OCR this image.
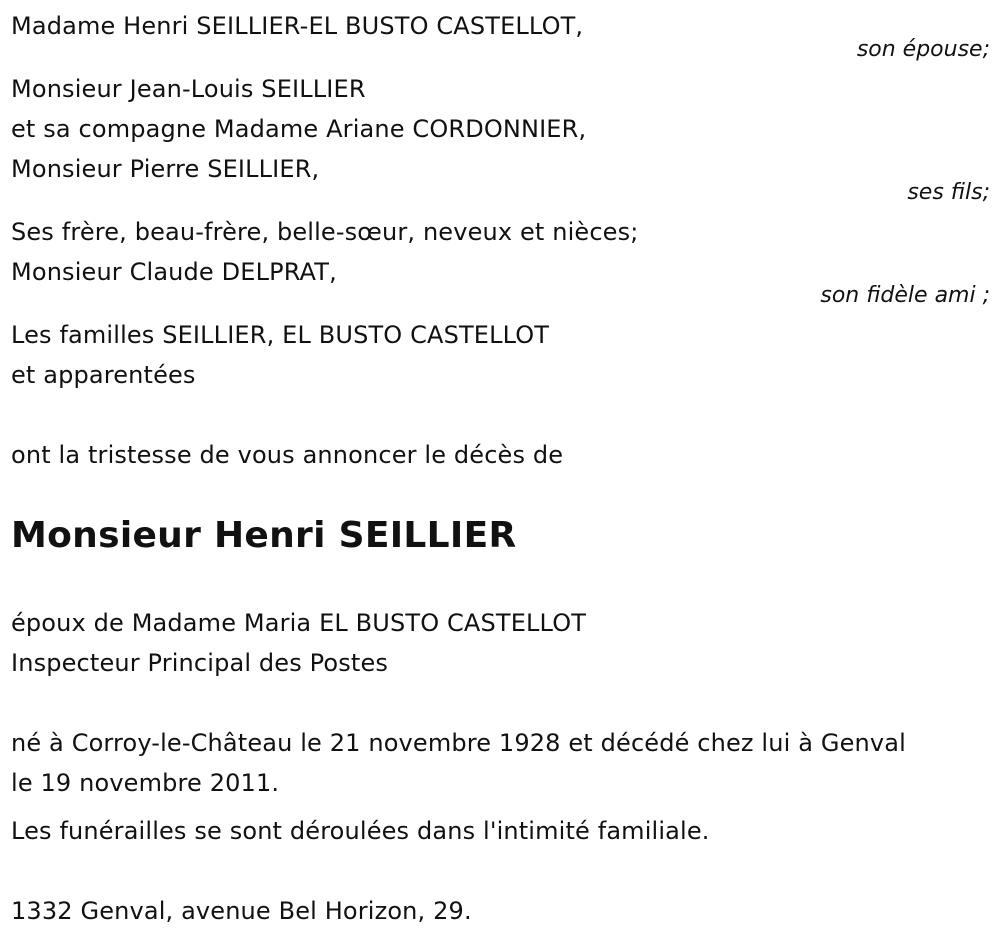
Madame Henri SEILLIER-EL BUSTO CASTELLOT,
son épouse;
Monsieur Jean-Louis SEILLIER
et sa compagne Madame Ariane CORDONNIER,
Monsieur Pierre SEILLIER,
ses fils;
Ses frère, beau-frère, belle-sœur, neveux et nièces;
Monsieur Claude DELPRAT,
son fidèle ami ;
Les familles SEILLIER, EL BUSTO CASTELLOT
et apparentées
ont la tristesse de vous annoncer le décès de
Monsieur Henri SEILLIER
époux de Madame Maria EL BUSTO CASTELLOT
Inspecteur Principal des Postes
né à Corroy-le-Château le 21 novembre 1928 et décédé chez lui à Genval
le 19 novembre 2011.
Les funérailles se sont déroulées dans l'intimité familiale.
1332 Genval, avenue Bel Horizon, 29.
